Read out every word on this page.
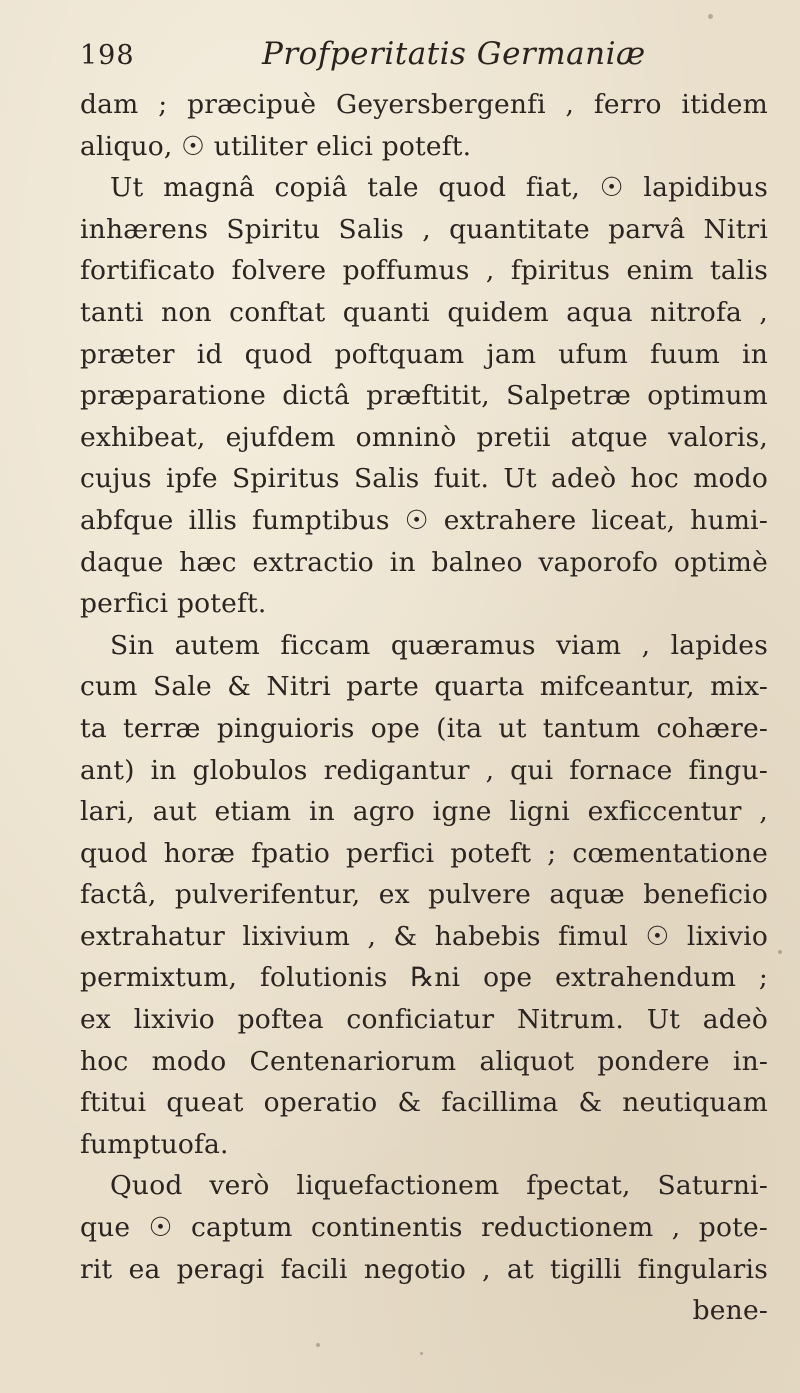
198	Profperitatis Germaniæ
dam ; præcipuè Geyersbergenfi , ferro itidem
aliquo, ☉ utiliter elici poteft.
Ut magnâ copiâ tale quod fiat, ☉ lapidibus
inhærens Spiritu Salis , quantitate parvâ Nitri
fortificato folvere poffumus , fpiritus enim talis
tanti non conftat quanti quidem aqua nitrofa ,
præter id quod poftquam jam ufum fuum in
præparatione dictâ præftitit, Salpetræ optimum
exhibeat, ejufdem omninò pretii atque valoris,
cujus ipfe Spiritus Salis fuit. Ut adeò hoc modo
abfque illis fumptibus ☉ extrahere liceat, humi-
daque hæc extractio in balneo vaporofo optimè
perfici poteft.
Sin autem ficcam quæramus viam , lapides
cum Sale & Nitri parte quarta mifceantur, mix-
ta terræ pinguioris ope (ita ut tantum cohære-
ant) in globulos redigantur , qui fornace fingu-
lari, aut etiam in agro igne ligni exficcentur ,
quod horæ fpatio perfici poteft ; cœmentatione
factâ, pulverifentur, ex pulvere aquæ beneficio
extrahatur lixivium , & habebis fimul ☉ lixivio
permixtum, folutionis ℞ni ope extrahendum ;
ex lixivio poftea conficiatur Nitrum. Ut adeò
hoc modo Centenariorum aliquot pondere in-
ftitui queat operatio & facillima & neutiquam
fumptuofa.
Quod verò liquefactionem fpectat, Saturni-
que ☉ captum continentis reductionem , pote-
rit ea peragi facili negotio , at tigilli fingularis
bene-
